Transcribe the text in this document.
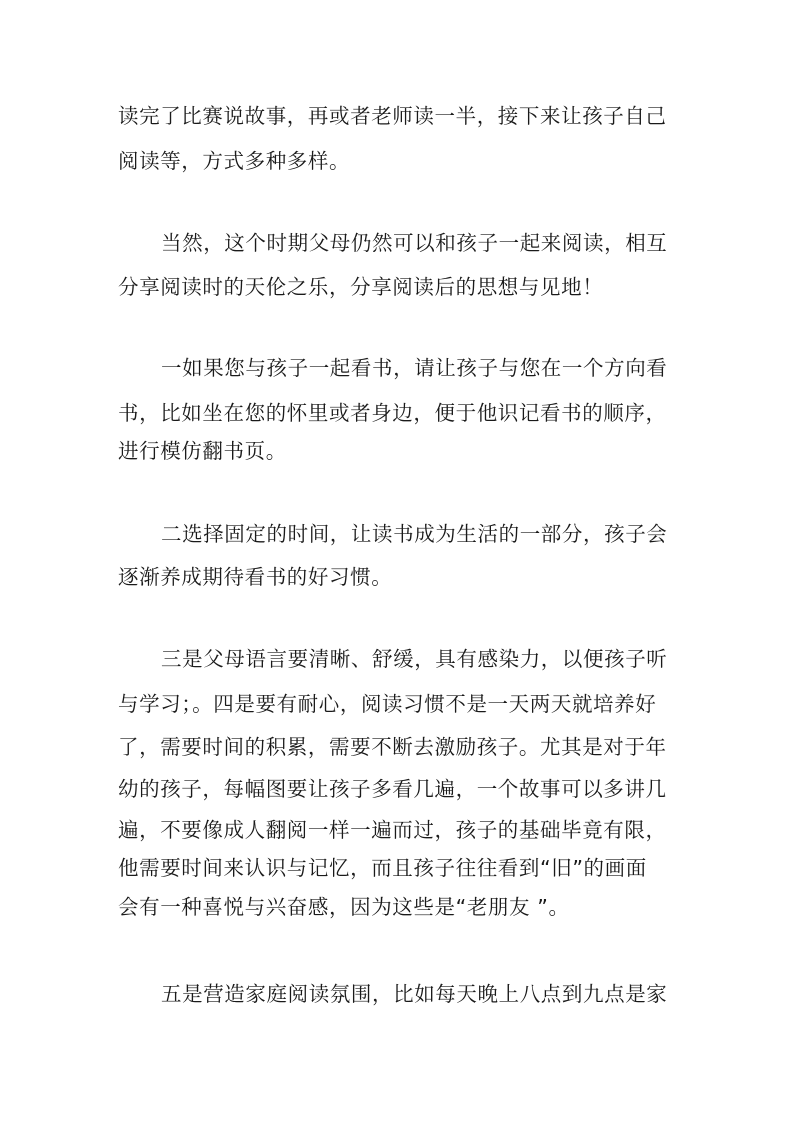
读完了比赛说故事，再或者老师读一半，接下来让孩子自己
阅读等，方式多种多样。
当然，这个时期父母仍然可以和孩子一起来阅读，相互
分享阅读时的天伦之乐，分享阅读后的思想与见地！
一如果您与孩子一起看书，请让孩子与您在一个方向看
书，比如坐在您的怀里或者身边，便于他识记看书的顺序，
进行模仿翻书页。
二选择固定的时间，让读书成为生活的一部分，孩子会
逐渐养成期待看书的好习惯。
三是父母语言要清晰、舒缓，具有感染力，以便孩子听
与学习；。四是要有耐心，阅读习惯不是一天两天就培养好
了，需要时间的积累，需要不断去激励孩子。尤其是对于年
幼的孩子，每幅图要让孩子多看几遍，一个故事可以多讲几
遍，不要像成人翻阅一样一遍而过，孩子的基础毕竟有限，
他需要时间来认识与记忆，而且孩子往往看到“旧”的画面
会有一种喜悦与兴奋感，因为这些是“老朋友 ”。
五是营造家庭阅读氛围，比如每天晚上八点到九点是家
